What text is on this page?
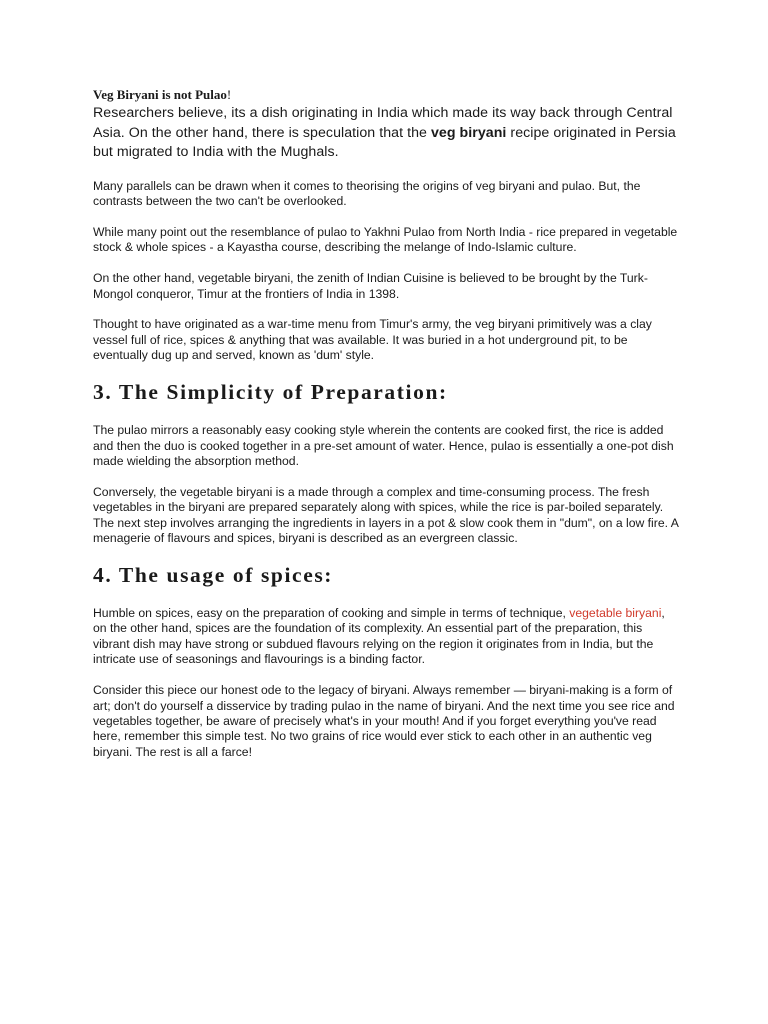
Veg Biryani is not Pulao!

Researchers believe, its a dish originating in India which made its way back through Central Asia. On the other hand, there is speculation that the veg biryani recipe originated in Persia but migrated to India with the Mughals.

Many parallels can be drawn when it comes to theorising the origins of veg biryani and pulao. But, the contrasts between the two can't be overlooked.

While many point out the resemblance of pulao to Yakhni Pulao from North India - rice prepared in vegetable stock & whole spices - a Kayastha course, describing the melange of Indo-Islamic culture.

On the other hand, vegetable biryani, the zenith of Indian Cuisine is believed to be brought by the Turk-Mongol conqueror, Timur at the frontiers of India in 1398.

Thought to have originated as a war-time menu from Timur's army, the veg biryani primitively was a clay vessel full of rice, spices & anything that was available. It was buried in a hot underground pit, to be eventually dug up and served, known as 'dum' style.

3. The Simplicity of Preparation:

The pulao mirrors a reasonably easy cooking style wherein the contents are cooked first, the rice is added and then the duo is cooked together in a pre-set amount of water. Hence, pulao is essentially a one-pot dish made wielding the absorption method.

Conversely, the vegetable biryani is a made through a complex and time-consuming process. The fresh vegetables in the biryani are prepared separately along with spices, while the rice is par-boiled separately. The next step involves arranging the ingredients in layers in a pot & slow cook them in "dum", on a low fire. A menagerie of flavours and spices, biryani is described as an evergreen classic.

4. The usage of spices:

Humble on spices, easy on the preparation of cooking and simple in terms of technique, vegetable biryani, on the other hand, spices are the foundation of its complexity. An essential part of the preparation, this vibrant dish may have strong or subdued flavours relying on the region it originates from in India, but the intricate use of seasonings and flavourings is a binding factor.

Consider this piece our honest ode to the legacy of biryani. Always remember — biryani-making is a form of art; don't do yourself a disservice by trading pulao in the name of biryani. And the next time you see rice and vegetables together, be aware of precisely what's in your mouth! And if you forget everything you've read here, remember this simple test. No two grains of rice would ever stick to each other in an authentic veg biryani. The rest is all a farce!
